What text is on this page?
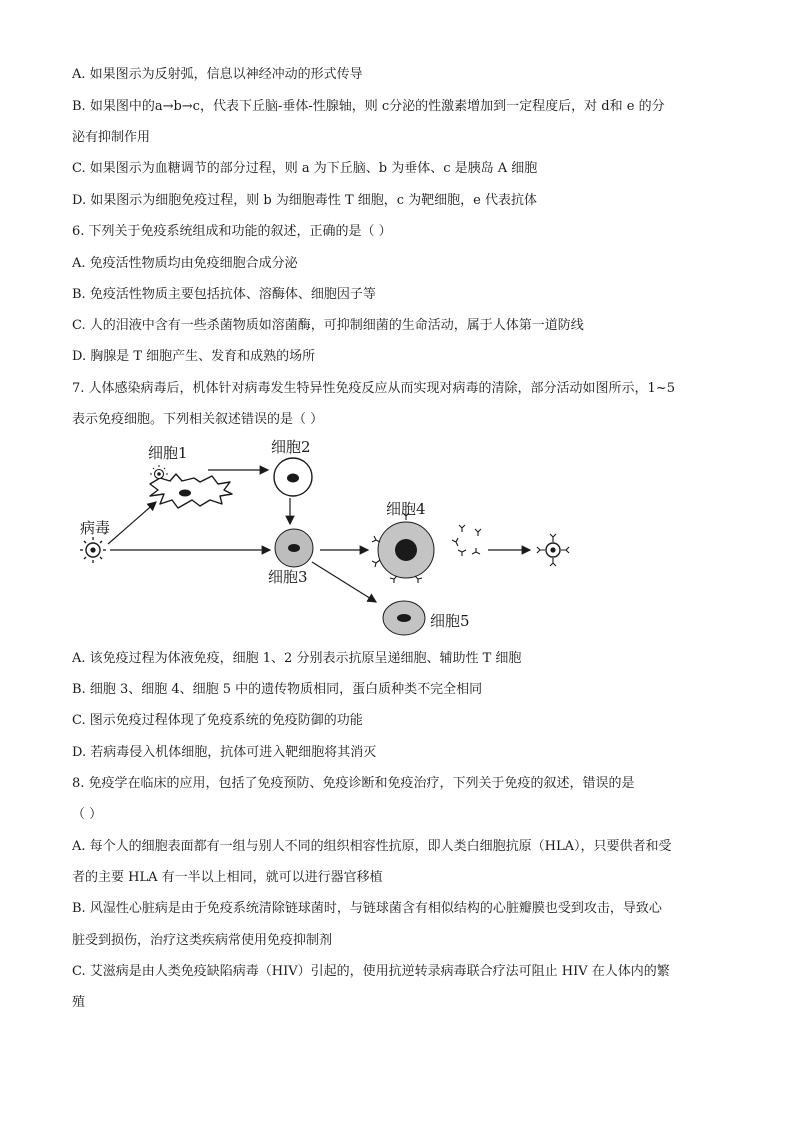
A. 如果图示为反射弧，信息以神经冲动的形式传导
B. 如果图中的a→b→c，代表下丘脑-垂体-性腺轴，则 c分泌的性激素增加到一定程度后，对 d和 e 的分
泌有抑制作用
C. 如果图示为血糖调节的部分过程，则 a 为下丘脑、b 为垂体、c 是胰岛 A 细胞
D. 如果图示为细胞免疫过程，则 b 为细胞毒性 T 细胞，c 为靶细胞，e 代表抗体
6. 下列关于免疫系统组成和功能的叙述，正确的是（ ）
A. 免疫活性物质均由免疫细胞合成分泌
B. 免疫活性物质主要包括抗体、溶酶体、细胞因子等
C. 人的泪液中含有一些杀菌物质如溶菌酶，可抑制细菌的生命活动，属于人体第一道防线
D. 胸腺是 T 细胞产生、发育和成熟的场所
7. 人体感染病毒后，机体针对病毒发生特异性免疫反应从而实现对病毒的清除，部分活动如图所示，1~5
表示免疫细胞。下列相关叙述错误的是（ ）
病毒
细胞1	细胞2
细胞3
细胞4
细胞5
A. 该免疫过程为体液免疫，细胞 1、2 分别表示抗原呈递细胞、辅助性 T 细胞
B. 细胞 3、细胞 4、细胞 5 中的遗传物质相同，蛋白质种类不完全相同
C. 图示免疫过程体现了免疫系统的免疫防御的功能
D. 若病毒侵入机体细胞，抗体可进入靶细胞将其消灭
8. 免疫学在临床的应用，包括了免疫预防、免疫诊断和免疫治疗，下列关于免疫的叙述，错误的是
（ ）
A. 每个人的细胞表面都有一组与别人不同的组织相容性抗原，即人类白细胞抗原（HLA），只要供者和受
者的主要 HLA 有一半以上相同，就可以进行器官移植
B. 风湿性心脏病是由于免疫系统清除链球菌时，与链球菌含有相似结构的心脏瓣膜也受到攻击，导致心
脏受到损伤，治疗这类疾病常使用免疫抑制剂
C. 艾滋病是由人类免疫缺陷病毒（HIV）引起的，使用抗逆转录病毒联合疗法可阻止 HIV 在人体内的繁
殖
